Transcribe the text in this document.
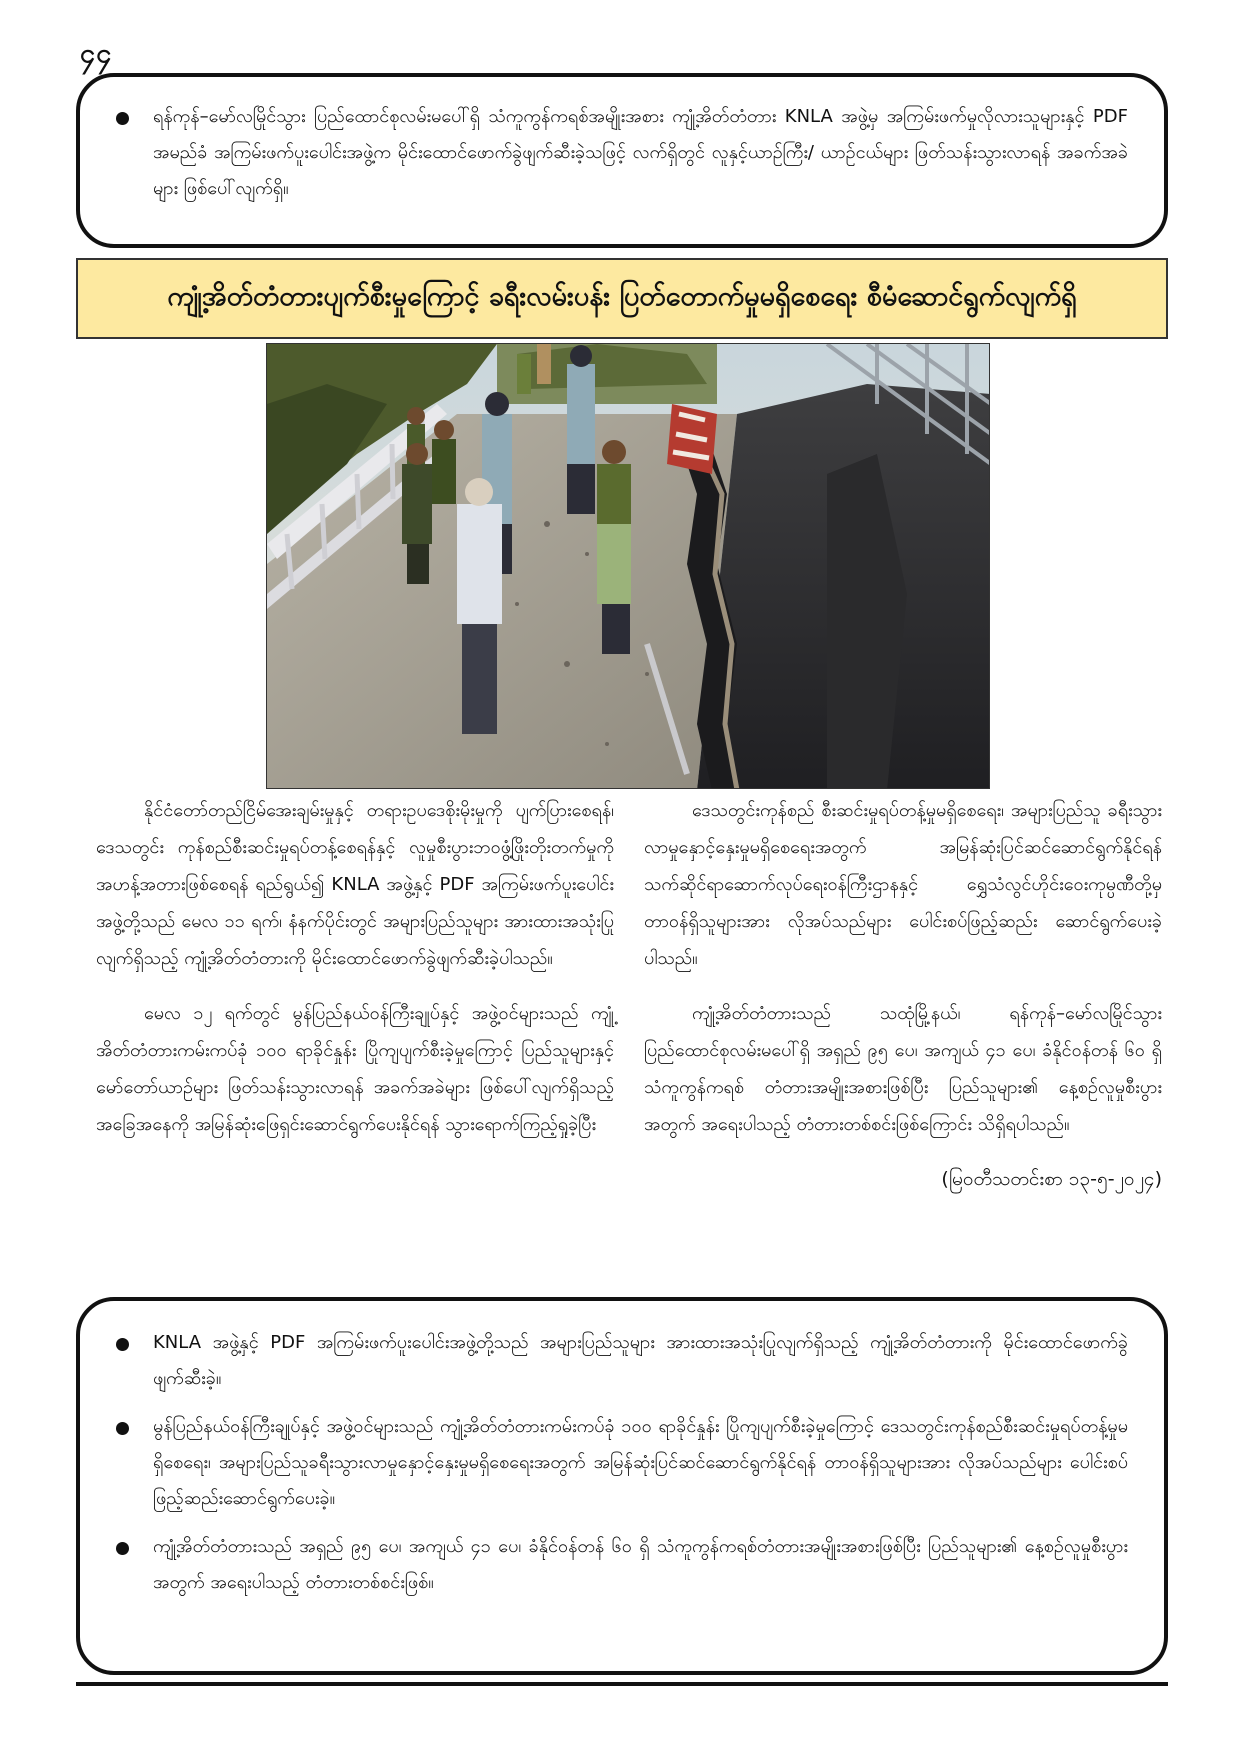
၄၄
ရန်ကုန်–မော်လမြိုင်သွား ပြည်ထောင်စုလမ်းမပေါ်ရှိ သံကူကွန်ကရစ်အမျိုးအစား ကျုံ့အိတ်တံတား KNLA အဖွဲ့မှ အကြမ်းဖက်မှုလိုလားသူများနှင့် PDF အမည်ခံ အကြမ်းဖက်ပူးပေါင်းအဖွဲ့က မိုင်းထောင်ဖောက်ခွဲဖျက်ဆီးခဲ့သဖြင့် လက်ရှိတွင် လူနှင့်ယာဉ်ကြီး/ ယာဉ်ငယ်များ ဖြတ်သန်းသွားလာရန် အခက်အခဲများ ဖြစ်ပေါ်လျက်ရှိ။
ကျုံ့အိတ်တံတားပျက်စီးမှုကြောင့် ခရီးလမ်းပန်း ပြတ်တောက်မှုမရှိစေရေး စီမံဆောင်ရွက်လျက်ရှိ

နိုင်ငံတော်တည်ငြိမ်အေးချမ်းမှုနှင့် တရားဥပဒေစိုးမိုးမှုကို ပျက်ပြားစေရန်၊ ဒေသတွင်း ကုန်စည်စီးဆင်းမှုရပ်တန့်စေရန်နှင့် လူမှုစီးပွားဘဝဖွံ့ဖြိုးတိုးတက်မှုကို အဟန့်အတားဖြစ်စေရန် ရည်ရွယ်၍ KNLA အဖွဲ့နှင့် PDF အကြမ်းဖက်ပူးပေါင်းအဖွဲ့တို့သည် မေလ ၁၁ ရက်၊ နံနက်ပိုင်းတွင် အများပြည်သူများ အားထားအသုံးပြုလျက်ရှိသည့် ကျုံ့အိတ်တံတားကို မိုင်းထောင်ဖောက်ခွဲဖျက်ဆီးခဲ့ပါသည်။

မေလ ၁၂ ရက်တွင် မွန်ပြည်နယ်ဝန်ကြီးချုပ်နှင့် အဖွဲ့ဝင်များသည် ကျုံ့အိတ်တံတားကမ်းကပ်ခုံ ၁၀၀ ရာခိုင်နှုန်း ပြိုကျပျက်စီးခဲ့မှုကြောင့် ပြည်သူများနှင့် မော်တော်ယာဉ်များ ဖြတ်သန်းသွားလာရန် အခက်အခဲများ ဖြစ်ပေါ်လျက်ရှိသည့်အခြေအနေကို အမြန်ဆုံးဖြေရှင်းဆောင်ရွက်ပေးနိုင်ရန် သွားရောက်ကြည့်ရှုခဲ့ပြီး

ဒေသတွင်းကုန်စည် စီးဆင်းမှုရပ်တန့်မှုမရှိစေရေး၊ အများပြည်သူ ခရီးသွားလာမှုနှောင့်နှေးမှုမရှိစေရေးအတွက် အမြန်ဆုံးပြင်ဆင်ဆောင်ရွက်နိုင်ရန် သက်ဆိုင်ရာဆောက်လုပ်ရေးဝန်ကြီးဌာနနှင့် ရွှေသံလွင်ဟိုင်းဝေးကုမ္ပဏီတို့မှ တာဝန်ရှိသူများအား လိုအပ်သည်များ ပေါင်းစပ်ဖြည့်ဆည်း ဆောင်ရွက်ပေးခဲ့ပါသည်။

ကျုံ့အိတ်တံတားသည် သထုံမြို့နယ်၊ ရန်ကုန်–မော်လမြိုင်သွား ပြည်ထောင်စုလမ်းမပေါ်ရှိ အရှည် ၉၅ ပေ၊ အကျယ် ၄၁ ပေ၊ ခံနိုင်ဝန်တန် ၆၀ ရှိ သံကူကွန်ကရစ် တံတားအမျိုးအစားဖြစ်ပြီး ပြည်သူများ၏ နေ့စဉ်လူမှုစီးပွားအတွက် အရေးပါသည့် တံတားတစ်စင်းဖြစ်ကြောင်း သိရှိရပါသည်။

(မြဝတီသတင်းစာ ၁၃-၅-၂၀၂၄)
KNLA အဖွဲ့နှင့် PDF အကြမ်းဖက်ပူးပေါင်းအဖွဲ့တို့သည် အများပြည်သူများ အားထားအသုံးပြုလျက်ရှိသည့် ကျုံ့အိတ်တံတားကို မိုင်းထောင်ဖောက်ခွဲဖျက်ဆီးခဲ့။
မွန်ပြည်နယ်ဝန်ကြီးချုပ်နှင့် အဖွဲ့ဝင်များသည် ကျုံ့အိတ်တံတားကမ်းကပ်ခုံ ၁၀၀ ရာခိုင်နှုန်း ပြိုကျပျက်စီးခဲ့မှုကြောင့် ဒေသတွင်းကုန်စည်စီးဆင်းမှုရပ်တန့်မှုမရှိစေရေး၊ အများပြည်သူခရီးသွားလာမှုနှောင့်နှေးမှုမရှိစေရေးအတွက် အမြန်ဆုံးပြင်ဆင်ဆောင်ရွက်နိုင်ရန် တာဝန်ရှိသူများအား လိုအပ်သည်များ ပေါင်းစပ်ဖြည့်ဆည်းဆောင်ရွက်ပေးခဲ့။
ကျုံ့အိတ်တံတားသည် အရှည် ၉၅ ပေ၊ အကျယ် ၄၁ ပေ၊ ခံနိုင်ဝန်တန် ၆၀ ရှိ သံကူကွန်ကရစ်တံတားအမျိုးအစားဖြစ်ပြီး ပြည်သူများ၏ နေ့စဉ်လူမှုစီးပွားအတွက် အရေးပါသည့် တံတားတစ်စင်းဖြစ်။
